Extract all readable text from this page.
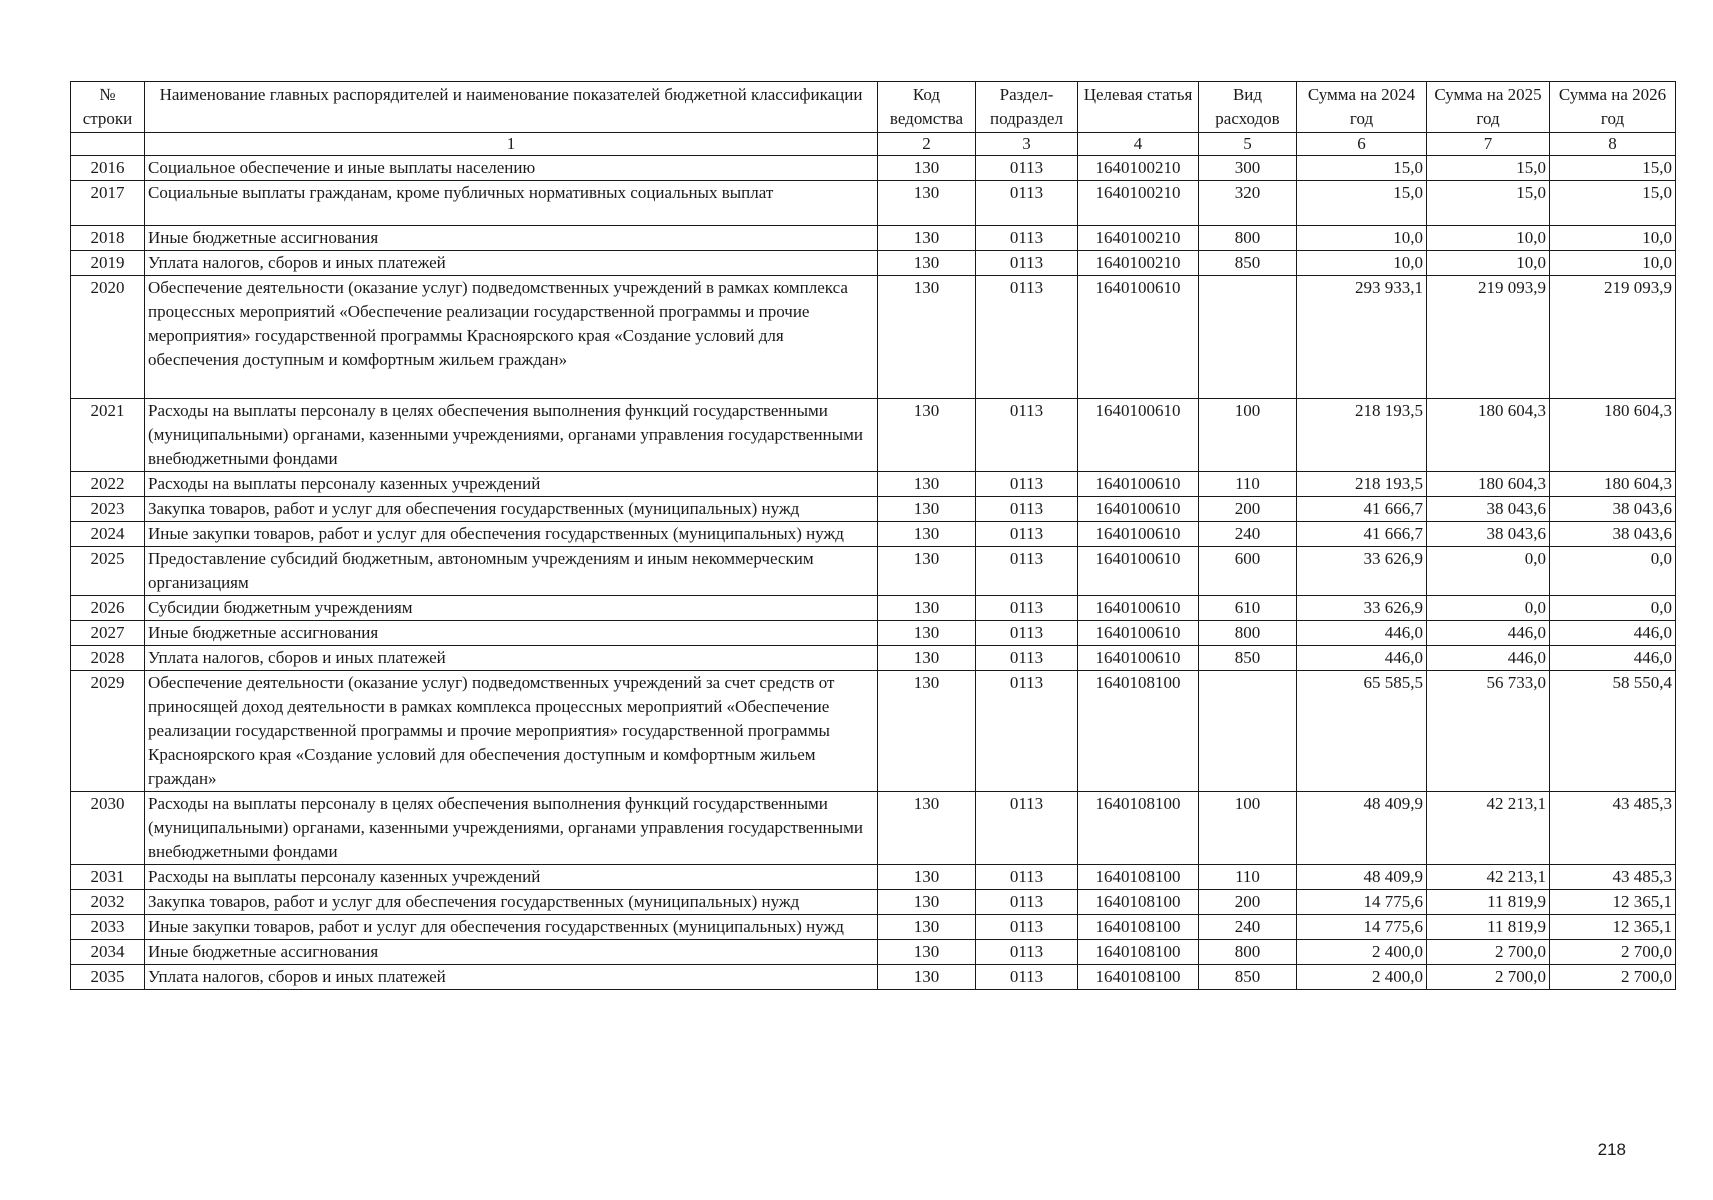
№ строки	Наименование главных распорядителей и наименование показателей бюджетной классификации	Код ведомства	Раздел-подраздел	Целевая статья	Вид расходов	Сумма на 2024 год	Сумма на 2025 год	Сумма на 2026 год
	1	2	3	4	5	6	7	8
2016	Социальное обеспечение и иные выплаты населению	130	0113	1640100210	300	15,0	15,0	15,0
2017	Социальные выплаты гражданам, кроме публичных нормативных социальных выплат	130	0113	1640100210	320	15,0	15,0	15,0
2018	Иные бюджетные ассигнования	130	0113	1640100210	800	10,0	10,0	10,0
2019	Уплата налогов, сборов и иных платежей	130	0113	1640100210	850	10,0	10,0	10,0
2020	Обеспечение деятельности (оказание услуг) подведомственных учреждений в рамках комплекса процессных мероприятий «Обеспечение реализации государственной программы и прочие мероприятия» государственной программы Красноярского края «Создание условий для обеспечения доступным и комфортным жильем граждан»	130	0113	1640100610		293 933,1	219 093,9	219 093,9
2021	Расходы на выплаты персоналу в целях обеспечения выполнения функций государственными (муниципальными) органами, казенными учреждениями, органами управления государственными внебюджетными фондами	130	0113	1640100610	100	218 193,5	180 604,3	180 604,3
2022	Расходы на выплаты персоналу казенных учреждений	130	0113	1640100610	110	218 193,5	180 604,3	180 604,3
2023	Закупка товаров, работ и услуг для обеспечения государственных (муниципальных) нужд	130	0113	1640100610	200	41 666,7	38 043,6	38 043,6
2024	Иные закупки товаров, работ и услуг для обеспечения государственных (муниципальных) нужд	130	0113	1640100610	240	41 666,7	38 043,6	38 043,6
2025	Предоставление субсидий бюджетным, автономным учреждениям и иным некоммерческим организациям	130	0113	1640100610	600	33 626,9	0,0	0,0
2026	Субсидии бюджетным учреждениям	130	0113	1640100610	610	33 626,9	0,0	0,0
2027	Иные бюджетные ассигнования	130	0113	1640100610	800	446,0	446,0	446,0
2028	Уплата налогов, сборов и иных платежей	130	0113	1640100610	850	446,0	446,0	446,0
2029	Обеспечение деятельности (оказание услуг) подведомственных учреждений за счет средств от приносящей доход деятельности в рамках комплекса процессных мероприятий «Обеспечение реализации государственной программы и прочие мероприятия» государственной программы Красноярского края «Создание условий для обеспечения доступным и комфортным жильем граждан»	130	0113	1640108100		65 585,5	56 733,0	58 550,4
2030	Расходы на выплаты персоналу в целях обеспечения выполнения функций государственными (муниципальными) органами, казенными учреждениями, органами управления государственными внебюджетными фондами	130	0113	1640108100	100	48 409,9	42 213,1	43 485,3
2031	Расходы на выплаты персоналу казенных учреждений	130	0113	1640108100	110	48 409,9	42 213,1	43 485,3
2032	Закупка товаров, работ и услуг для обеспечения государственных (муниципальных) нужд	130	0113	1640108100	200	14 775,6	11 819,9	12 365,1
2033	Иные закупки товаров, работ и услуг для обеспечения государственных (муниципальных) нужд	130	0113	1640108100	240	14 775,6	11 819,9	12 365,1
2034	Иные бюджетные ассигнования	130	0113	1640108100	800	2 400,0	2 700,0	2 700,0
2035	Уплата налогов, сборов и иных платежей	130	0113	1640108100	850	2 400,0	2 700,0	2 700,0
218
